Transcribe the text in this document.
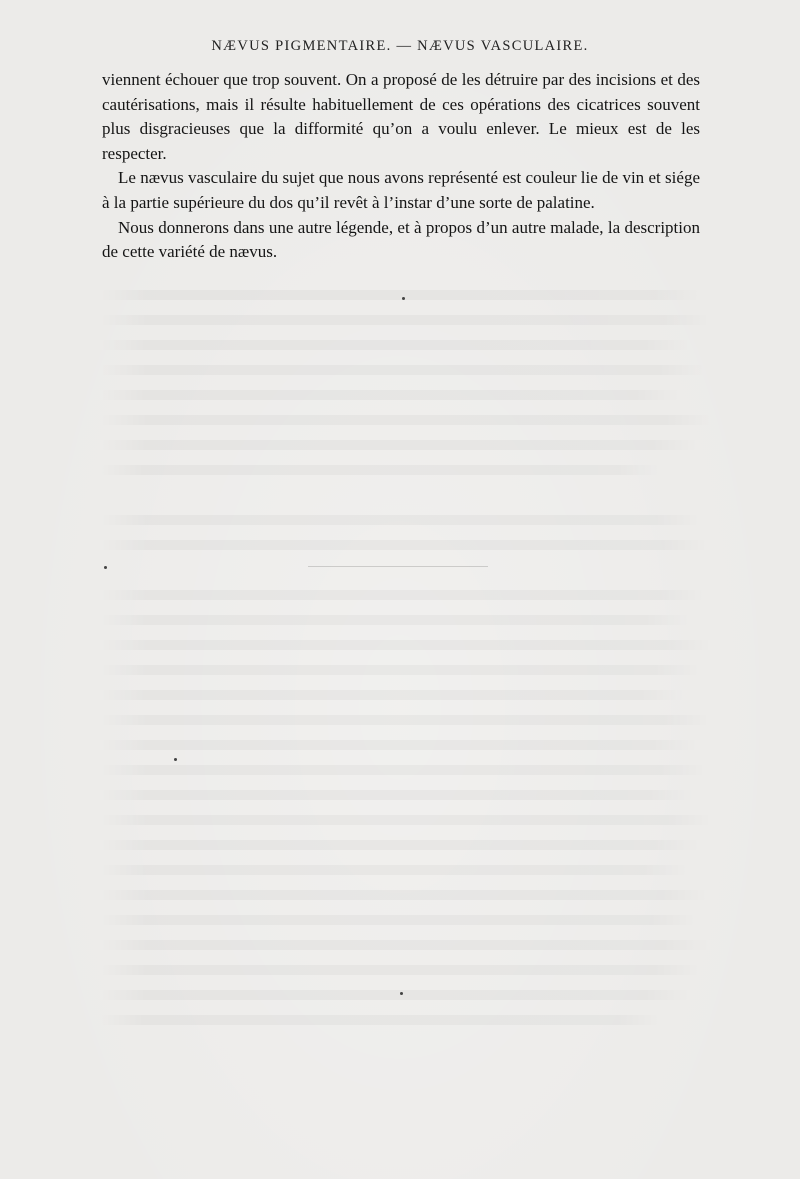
NÆVUS PIGMENTAIRE. — NÆVUS VASCULAIRE.

viennent échouer que trop souvent. On a proposé de les détruire par des incisions et des cautérisations, mais il résulte habituellement de ces opérations des cicatrices souvent plus disgracieuses que la difformité qu’on a voulu enlever. Le mieux est de les respecter.

Le nævus vasculaire du sujet que nous avons représenté est couleur lie de vin et siége à la partie supérieure du dos qu’il revêt à l’instar d’une sorte de palatine.

Nous donnerons dans une autre légende, et à propos d’un autre malade, la description de cette variété de nævus.
